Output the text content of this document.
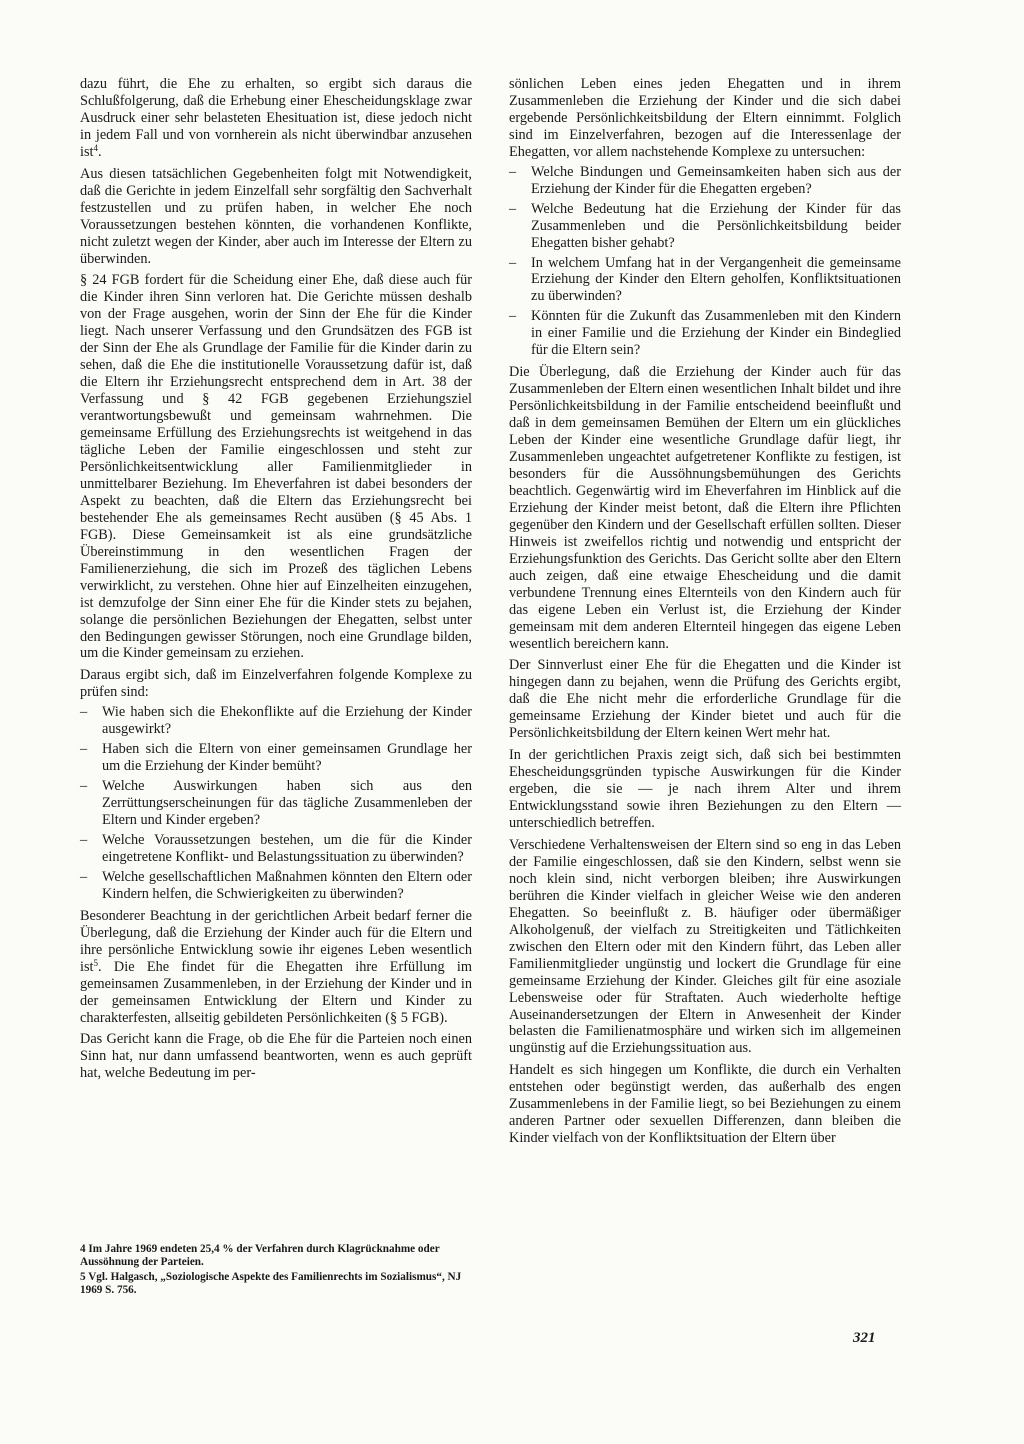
dazu führt, die Ehe zu erhalten, so ergibt sich daraus die Schlußfolgerung, daß die Erhebung einer Ehescheidungsklage zwar Ausdruck einer sehr belasteten Ehesituation ist, diese jedoch nicht in jedem Fall und von vornherein als nicht überwindbar anzusehen ist$^4$.

Aus diesen tatsächlichen Gegebenheiten folgt mit Notwendigkeit, daß die Gerichte in jedem Einzelfall sehr sorgfältig den Sachverhalt festzustellen und zu prüfen haben, in welcher Ehe noch Voraussetzungen bestehen könnten, die vorhandenen Konflikte, nicht zuletzt wegen der Kinder, aber auch im Interesse der Eltern zu überwinden.

§ 24 FGB fordert für die Scheidung einer Ehe, daß diese auch für die Kinder ihren Sinn verloren hat. Die Gerichte müssen deshalb von der Frage ausgehen, worin der Sinn der Ehe für die Kinder liegt. Nach unserer Verfassung und den Grundsätzen des FGB ist der Sinn der Ehe als Grundlage der Familie für die Kinder darin zu sehen, daß die Ehe die institutionelle Voraussetzung dafür ist, daß die Eltern ihr Erziehungsrecht entsprechend dem in Art. 38 der Verfassung und § 42 FGB gegebenen Erziehungsziel verantwortungsbewußt und gemeinsam wahrnehmen. Die gemeinsame Erfüllung des Erziehungsrechts ist weitgehend in das tägliche Leben der Familie eingeschlossen und steht zur Persönlichkeitsentwicklung aller Familienmitglieder in unmittelbarer Beziehung. Im Eheverfahren ist dabei besonders der Aspekt zu beachten, daß die Eltern das Erziehungsrecht bei bestehender Ehe als gemeinsames Recht ausüben (§ 45 Abs. 1 FGB). Diese Gemeinsamkeit ist als eine grundsätzliche Übereinstimmung in den wesentlichen Fragen der Familienerziehung, die sich im Prozeß des täglichen Lebens verwirklicht, zu verstehen. Ohne hier auf Einzelheiten einzugehen, ist demzufolge der Sinn einer Ehe für die Kinder stets zu bejahen, solange die persönlichen Beziehungen der Ehegatten, selbst unter den Bedingungen gewisser Störungen, noch eine Grundlage bilden, um die Kinder gemeinsam zu erziehen.

Daraus ergibt sich, daß im Einzelverfahren folgende Komplexe zu prüfen sind:

– Wie haben sich die Ehekonflikte auf die Erziehung der Kinder ausgewirkt?
– Haben sich die Eltern von einer gemeinsamen Grundlage her um die Erziehung der Kinder bemüht?
– Welche Auswirkungen haben sich aus den Zerrüttungserscheinungen für das tägliche Zusammenleben der Eltern und Kinder ergeben?
– Welche Voraussetzungen bestehen, um die für die Kinder eingetretene Konflikt- und Belastungssituation zu überwinden?
– Welche gesellschaftlichen Maßnahmen könnten den Eltern oder Kindern helfen, die Schwierigkeiten zu überwinden?

Besonderer Beachtung in der gerichtlichen Arbeit bedarf ferner die Überlegung, daß die Erziehung der Kinder auch für die Eltern und ihre persönliche Entwicklung sowie ihr eigenes Leben wesentlich ist$^5$. Die Ehe findet für die Ehegatten ihre Erfüllung im gemeinsamen Zusammenleben, in der Erziehung der Kinder und in der gemeinsamen Entwicklung der Eltern und Kinder zu charakterfesten, allseitig gebildeten Persönlichkeiten (§ 5 FGB).

Das Gericht kann die Frage, ob die Ehe für die Parteien noch einen Sinn hat, nur dann umfassend beantworten, wenn es auch geprüft hat, welche Bedeutung im per-

4 Im Jahre 1969 endeten 25,4 % der Verfahren durch Klagrücknahme oder Aussöhnung der Parteien.

5 Vgl. Halgasch, „Soziologische Aspekte des Familienrechts im Sozialismus“, NJ 1969 S. 756.

sönlichen Leben eines jeden Ehegatten und in ihrem Zusammenleben die Erziehung der Kinder und die sich dabei ergebende Persönlichkeitsbildung der Eltern einnimmt. Folglich sind im Einzelverfahren, bezogen auf die Interessenlage der Ehegatten, vor allem nachstehende Komplexe zu untersuchen:

– Welche Bindungen und Gemeinsamkeiten haben sich aus der Erziehung der Kinder für die Ehegatten ergeben?
– Welche Bedeutung hat die Erziehung der Kinder für das Zusammenleben und die Persönlichkeitsbildung beider Ehegatten bisher gehabt?
– In welchem Umfang hat in der Vergangenheit die gemeinsame Erziehung der Kinder den Eltern geholfen, Konfliktsituationen zu überwinden?
– Könnten für die Zukunft das Zusammenleben mit den Kindern in einer Familie und die Erziehung der Kinder ein Bindeglied für die Eltern sein?

Die Überlegung, daß die Erziehung der Kinder auch für das Zusammenleben der Eltern einen wesentlichen Inhalt bildet und ihre Persönlichkeitsbildung in der Familie entscheidend beeinflußt und daß in dem gemeinsamen Bemühen der Eltern um ein glückliches Leben der Kinder eine wesentliche Grundlage dafür liegt, ihr Zusammenleben ungeachtet aufgetretener Konflikte zu festigen, ist besonders für die Aussöhnungsbemühungen des Gerichts beachtlich. Gegenwärtig wird im Eheverfahren im Hinblick auf die Erziehung der Kinder meist betont, daß die Eltern ihre Pflichten gegenüber den Kindern und der Gesellschaft erfüllen sollten. Dieser Hinweis ist zweifellos richtig und notwendig und entspricht der Erziehungsfunktion des Gerichts. Das Gericht sollte aber den Eltern auch zeigen, daß eine etwaige Ehescheidung und die damit verbundene Trennung eines Elternteils von den Kindern auch für das eigene Leben ein Verlust ist, die Erziehung der Kinder gemeinsam mit dem anderen Elternteil hingegen das eigene Leben wesentlich bereichern kann.

Der Sinnverlust einer Ehe für die Ehegatten und die Kinder ist hingegen dann zu bejahen, wenn die Prüfung des Gerichts ergibt, daß die Ehe nicht mehr die erforderliche Grundlage für die gemeinsame Erziehung der Kinder bietet und auch für die Persönlichkeitsbildung der Eltern keinen Wert mehr hat.

In der gerichtlichen Praxis zeigt sich, daß sich bei bestimmten Ehescheidungsgründen typische Auswirkungen für die Kinder ergeben, die sie — je nach ihrem Alter und ihrem Entwicklungsstand sowie ihren Beziehungen zu den Eltern — unterschiedlich betreffen.

Verschiedene Verhaltensweisen der Eltern sind so eng in das Leben der Familie eingeschlossen, daß sie den Kindern, selbst wenn sie noch klein sind, nicht verborgen bleiben; ihre Auswirkungen berühren die Kinder vielfach in gleicher Weise wie den anderen Ehegatten. So beeinflußt z. B. häufiger oder übermäßiger Alkoholgenuß, der vielfach zu Streitigkeiten und Tätlichkeiten zwischen den Eltern oder mit den Kindern führt, das Leben aller Familienmitglieder ungünstig und lockert die Grundlage für eine gemeinsame Erziehung der Kinder. Gleiches gilt für eine asoziale Lebensweise oder für Straftaten. Auch wiederholte heftige Auseinandersetzungen der Eltern in Anwesenheit der Kinder belasten die Familienatmosphäre und wirken sich im allgemeinen ungünstig auf die Erziehungssituation aus.

Handelt es sich hingegen um Konflikte, die durch ein Verhalten entstehen oder begünstigt werden, das außerhalb des engen Zusammenlebens in der Familie liegt, so bei Beziehungen zu einem anderen Partner oder sexuellen Differenzen, dann bleiben die Kinder vielfach von der Konfliktsituation der Eltern über

321
